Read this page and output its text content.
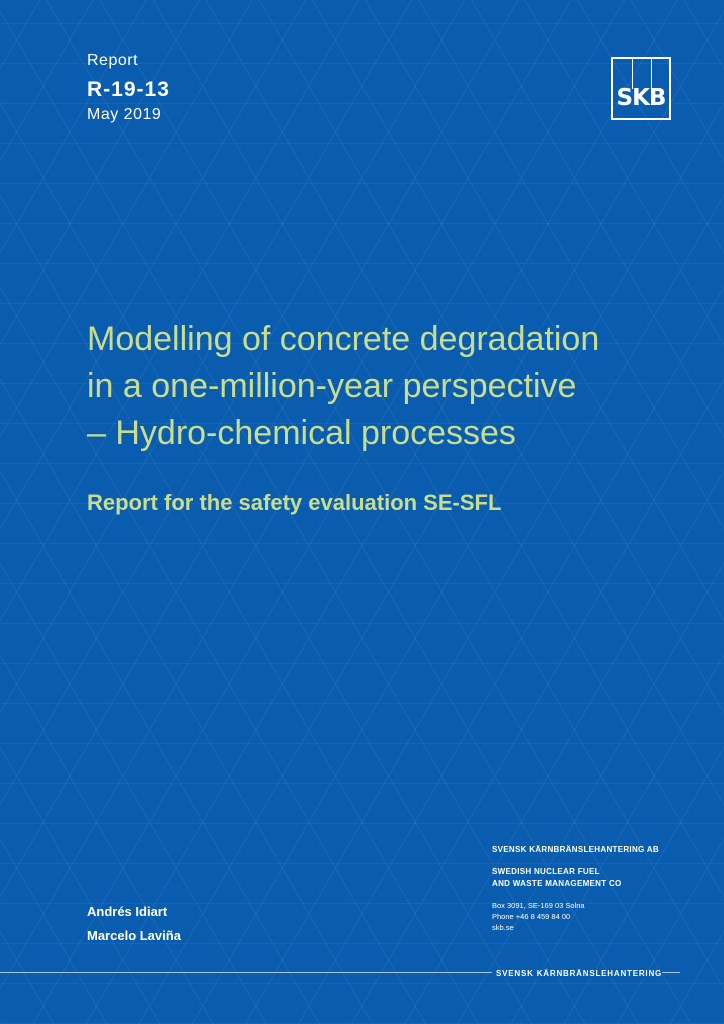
Report
R-19-13
May 2019
SKB
Modelling of concrete degradation
in a one-million-year perspective
– Hydro-chemical processes
Report for the safety evaluation SE-SFL
SVENSK KÄRNBRÄNSLEHANTERING AB
SWEDISH NUCLEAR FUEL
AND WASTE MANAGEMENT CO
Box 3091, SE-169 03 Solna
Phone +46 8 459 84 00
skb.se
Andrés Idiart
Marcelo Laviña
SVENSK KÄRNBRÄNSLEHANTERING
